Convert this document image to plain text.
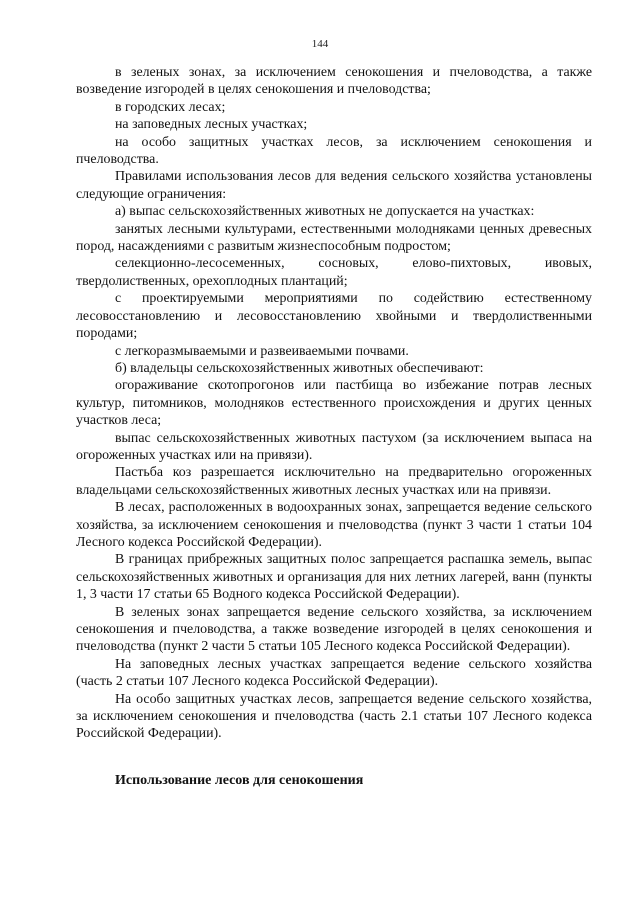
144

в зеленых зонах, за исключением сенокошения и пчеловодства, а также возведение изгородей в целях сенокошения и пчеловодства;

в городских лесах;

на заповедных лесных участках;

на особо защитных участках лесов, за исключением сенокошения и пчеловодства.

Правилами использования лесов для ведения сельского хозяйства установлены следующие ограничения:

а) выпас сельскохозяйственных животных не допускается на участках:

занятых лесными культурами, естественными молодняками ценных древесных пород, насаждениями с развитым жизнеспособным подростом;

селекционно-лесосеменных, сосновых, елово-пихтовых, ивовых, твердолиственных, орехоплодных плантаций;

с проектируемыми мероприятиями по содействию естественному лесовосстановлению и лесовосстановлению хвойными и твердолиственными породами;

с легкоразмываемыми и развеиваемыми почвами.

б) владельцы сельскохозяйственных животных обеспечивают:

огораживание скотопрогонов или пастбища во избежание потрав лесных культур, питомников, молодняков естественного происхождения и других ценных участков леса;

выпас сельскохозяйственных животных пастухом (за исключением выпаса на огороженных участках или на привязи).

Пастьба коз разрешается исключительно на предварительно огороженных владельцами сельскохозяйственных животных лесных участках или на привязи.

В лесах, расположенных в водоохранных зонах, запрещается ведение сельского хозяйства, за исключением сенокошения и пчеловодства (пункт 3 части 1 статьи 104 Лесного кодекса Российской Федерации).

В границах прибрежных защитных полос запрещается распашка земель, выпас сельскохозяйственных животных и организация для них летних лагерей, ванн (пункты 1, 3 части 17 статьи 65 Водного кодекса Российской Федерации).

В зеленых зонах запрещается ведение сельского хозяйства, за исключением сенокошения и пчеловодства, а также возведение изгородей в целях сенокошения и пчеловодства (пункт 2 части 5 статьи 105 Лесного кодекса Российской Федерации).

На заповедных лесных участках запрещается ведение сельского хозяйства (часть 2 статьи 107 Лесного кодекса Российской Федерации).

На особо защитных участках лесов, запрещается ведение сельского хозяйства, за исключением сенокошения и пчеловодства (часть 2.1 статьи 107 Лесного кодекса Российской Федерации).

Использование лесов для сенокошения
